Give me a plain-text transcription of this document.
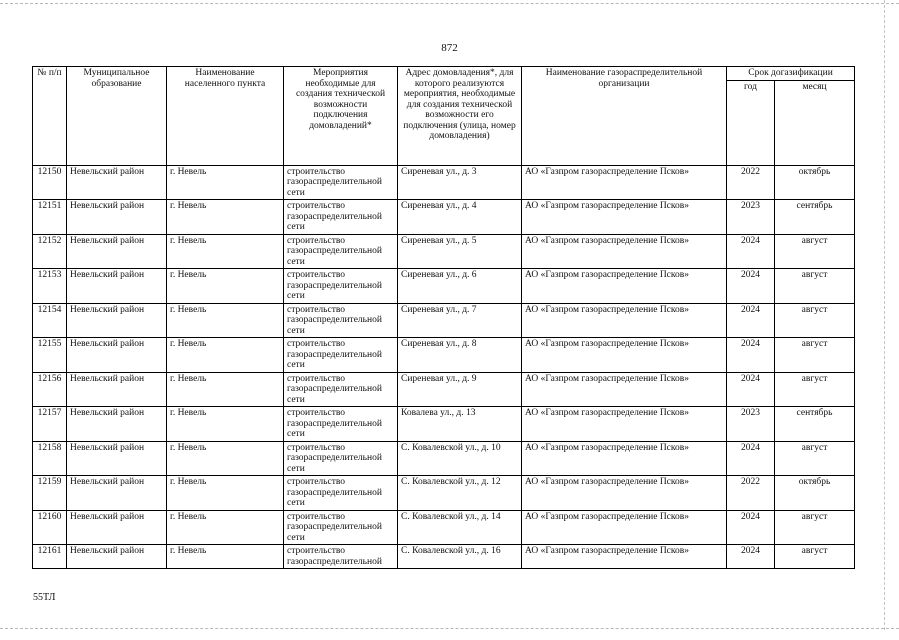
872
№ п/п	Муниципальное образование	Наименование населенного пункта	Мероприятия необходимые для создания технической возможности подключения домовладений*	Адрес домовладения*, для которого реализуются мероприятия, необходимые для создания технической возможности его подключения (улица, номер домовладения)	Наименование газораспределительной организации	Срок догазификации	
						год	месяц
12150	Невельский район	г. Невель	строительство газораспределительной сети	Сиреневая ул., д. 3	АО «Газпром газораспределение Псков»	2022	октябрь
12151	Невельский район	г. Невель	строительство газораспределительной сети	Сиреневая ул., д. 4	АО «Газпром газораспределение Псков»	2023	сентябрь
12152	Невельский район	г. Невель	строительство газораспределительной сети	Сиреневая ул., д. 5	АО «Газпром газораспределение Псков»	2024	август
12153	Невельский район	г. Невель	строительство газораспределительной сети	Сиреневая ул., д. 6	АО «Газпром газораспределение Псков»	2024	август
12154	Невельский район	г. Невель	строительство газораспределительной сети	Сиреневая ул., д. 7	АО «Газпром газораспределение Псков»	2024	август
12155	Невельский район	г. Невель	строительство газораспределительной сети	Сиреневая ул., д. 8	АО «Газпром газораспределение Псков»	2024	август
12156	Невельский район	г. Невель	строительство газораспределительной сети	Сиреневая ул., д. 9	АО «Газпром газораспределение Псков»	2024	август
12157	Невельский район	г. Невель	строительство газораспределительной сети	Ковалева ул., д. 13	АО «Газпром газораспределение Псков»	2023	сентябрь
12158	Невельский район	г. Невель	строительство газораспределительной сети	С. Ковалевской ул., д. 10	АО «Газпром газораспределение Псков»	2024	август
12159	Невельский район	г. Невель	строительство газораспределительной сети	С. Ковалевской ул., д. 12	АО «Газпром газораспределение Псков»	2022	октябрь
12160	Невельский район	г. Невель	строительство газораспределительной сети	С. Ковалевской ул., д. 14	АО «Газпром газораспределение Псков»	2024	август
12161	Невельский район	г. Невель	строительство газораспределительной	С. Ковалевской ул., д. 16	АО «Газпром газораспределение Псков»	2024	август
55ТЛ
